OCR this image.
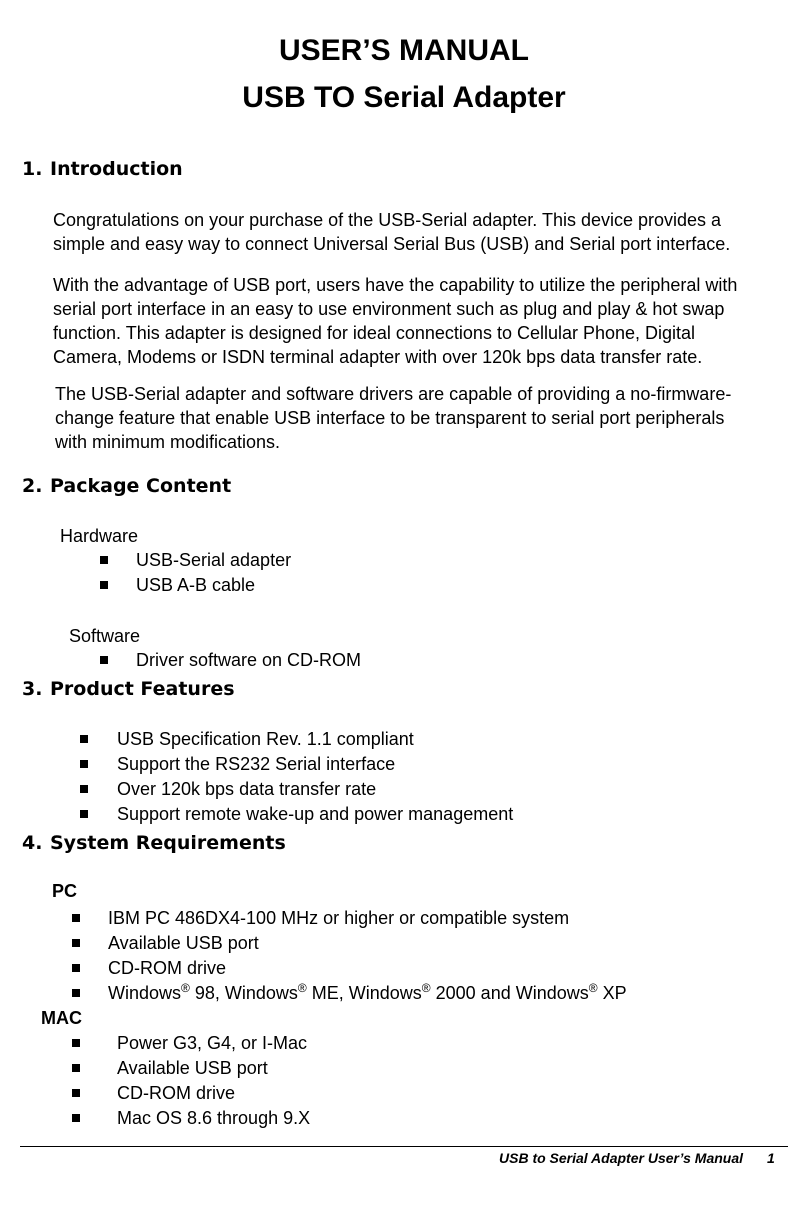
USER’S MANUAL
USB TO Serial Adapter
1. Introduction
Congratulations on your purchase of the USB-Serial adapter. This device provides a
simple and easy way to connect Universal Serial Bus (USB) and Serial port interface.
With the advantage of USB port, users have the capability to utilize the peripheral with
serial port interface in an easy to use environment such as plug and play & hot swap
function. This adapter is designed for ideal connections to Cellular Phone, Digital
Camera, Modems or ISDN terminal adapter with over 120k bps data transfer rate.
The USB-Serial adapter and software drivers are capable of providing a no-firmware-
change feature that enable USB interface to be transparent to serial port peripherals
with minimum modifications.
2. Package Content
Hardware
USB-Serial adapter
USB A-B cable
Software
Driver software on CD-ROM
3. Product Features
USB Specification Rev. 1.1 compliant
Support the RS232 Serial interface
Over 120k bps data transfer rate
Support remote wake-up and power management
4. System Requirements
PC
IBM PC 486DX4-100 MHz or higher or compatible system
Available USB port
CD-ROM drive
Windows® 98, Windows® ME, Windows® 2000 and Windows® XP
MAC
Power G3, G4, or I-Mac
Available USB port
CD-ROM drive
Mac OS 8.6 through 9.X
USB to Serial Adapter User’s Manual 1
